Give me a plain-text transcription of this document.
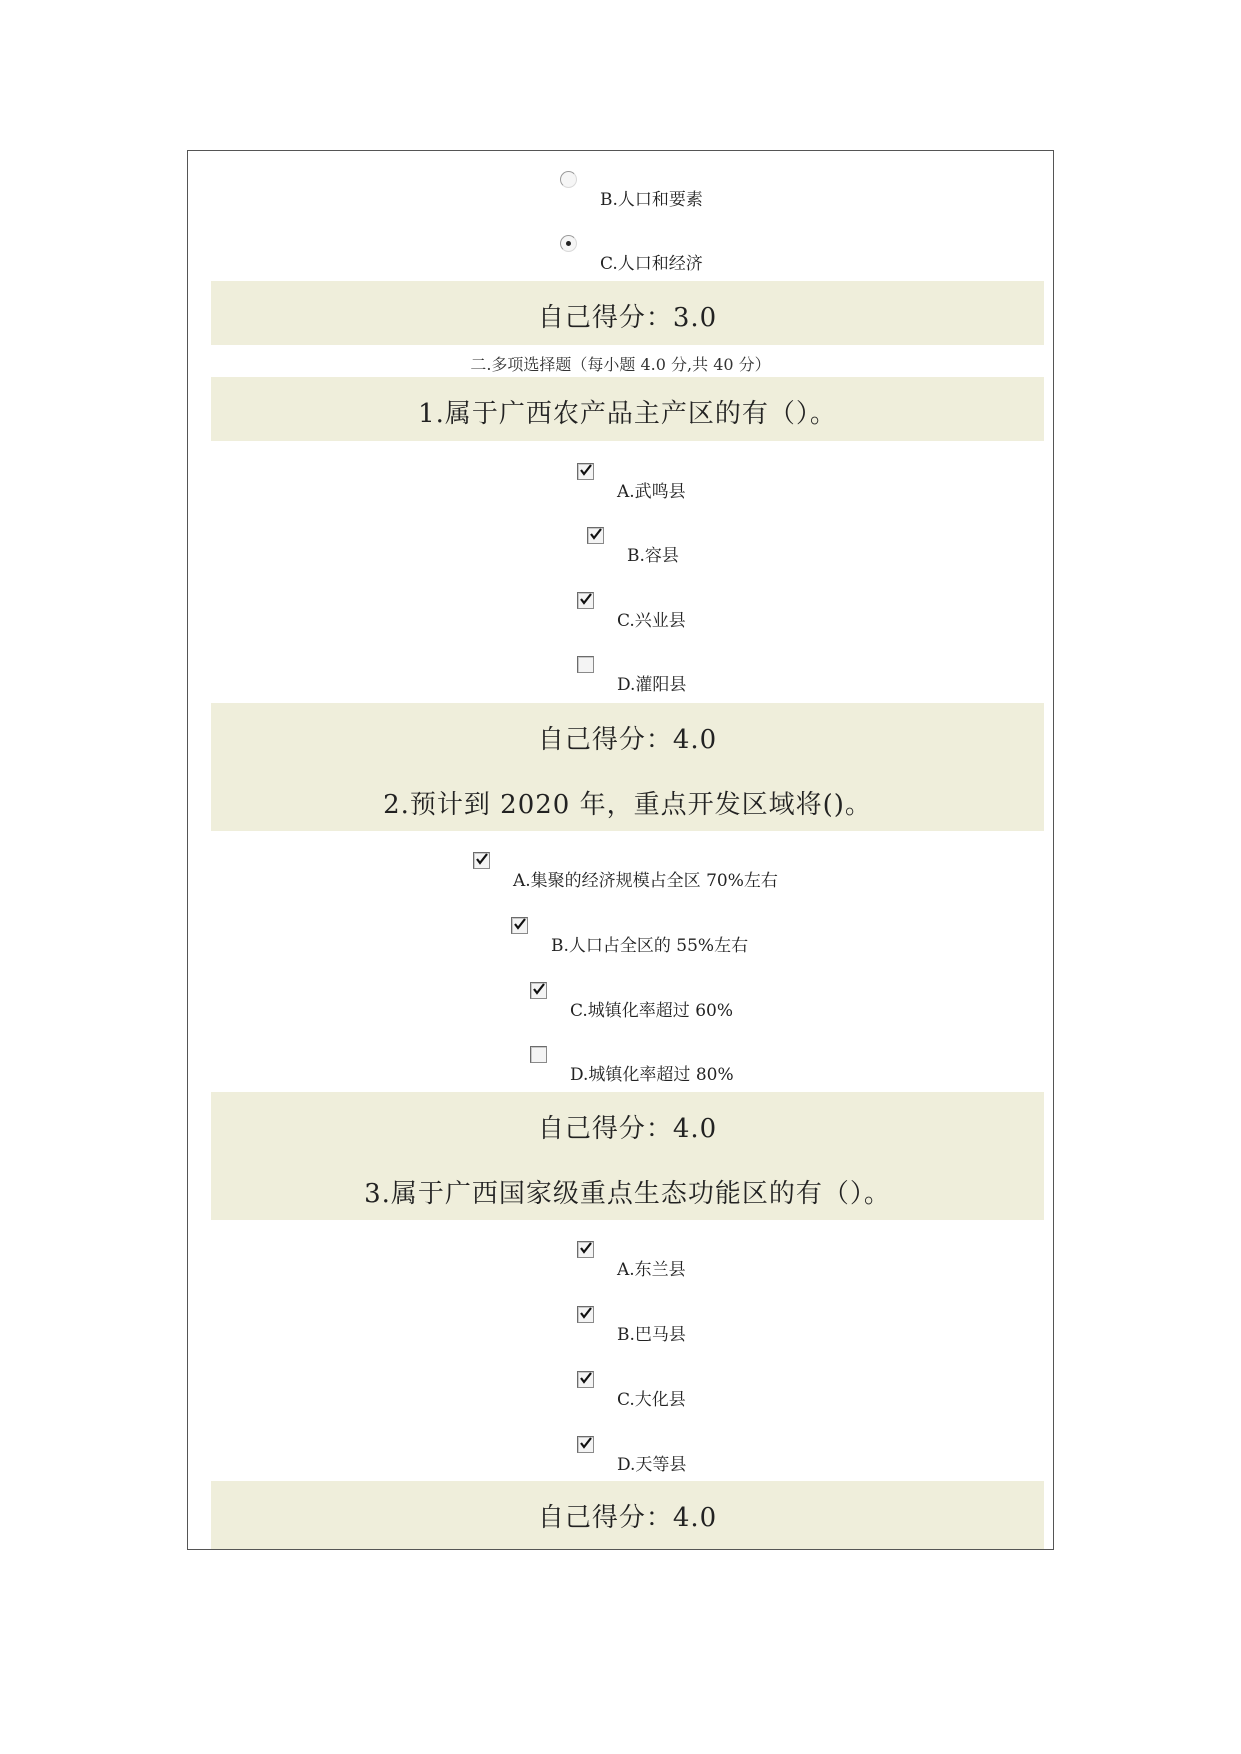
B.人口和要素
C.人口和经济
自己得分：3.0
二.多项选择题（每小题 4.0 分,共 40 分）
1.属于广西农产品主产区的有（）。
A.武鸣县
B.容县
C.兴业县
D.灌阳县
自己得分：4.0
2.预计到 2020 年，重点开发区域将()。
A.集聚的经济规模占全区 70%左右
B.人口占全区的 55%左右
C.城镇化率超过 60%
D.城镇化率超过 80%
自己得分：4.0
3.属于广西国家级重点生态功能区的有（）。
A.东兰县
B.巴马县
C.大化县
D.天等县
自己得分：4.0
